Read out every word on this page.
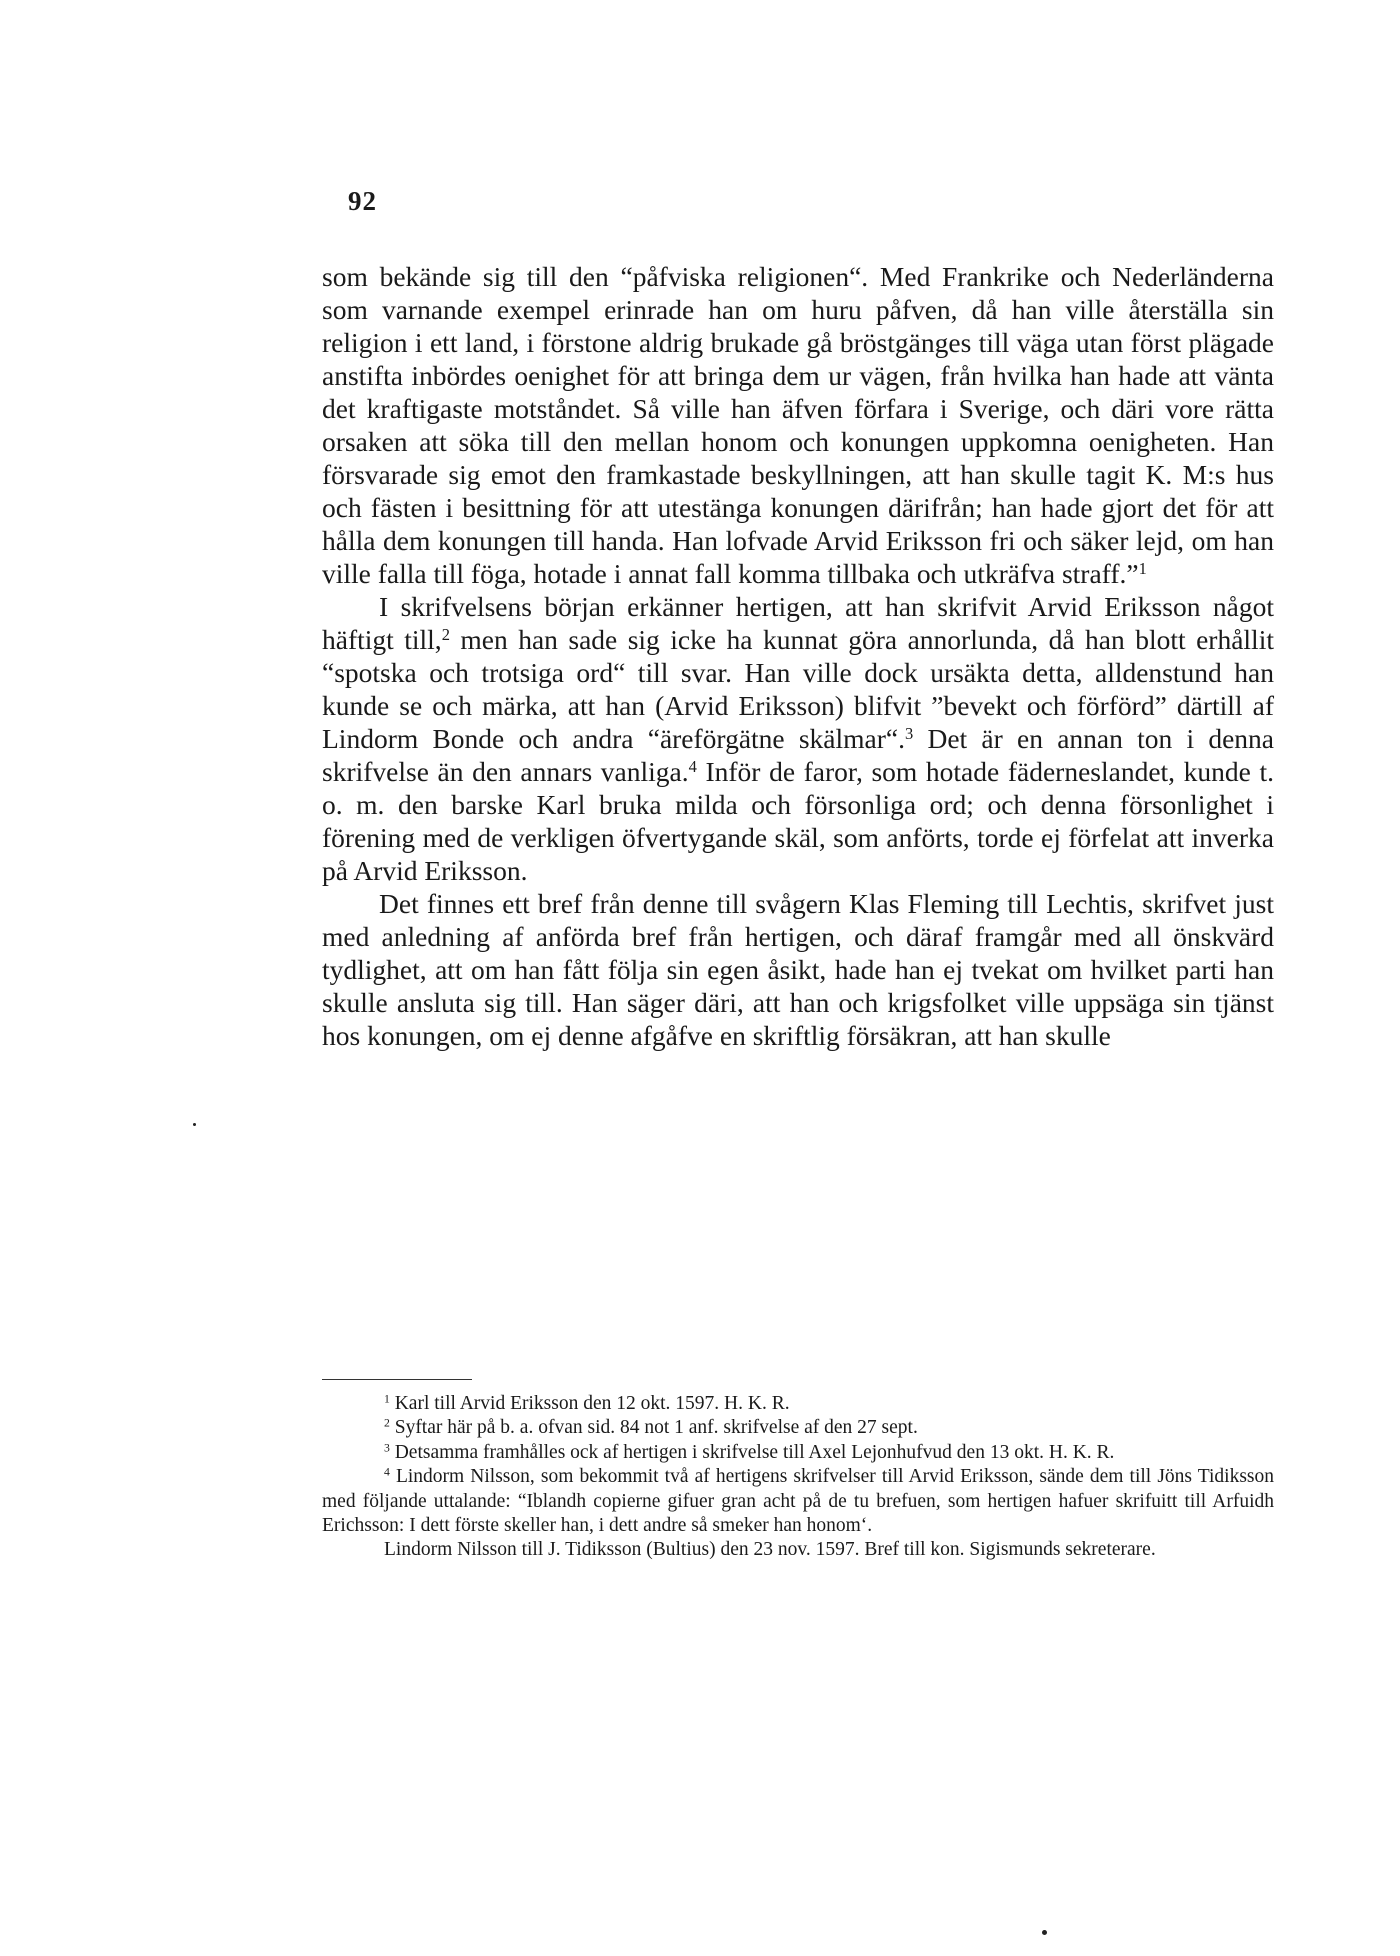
92

som bekände sig till den “påfviska religionen“. Med Frankrike och Nederländerna som varnande exempel erinrade han om huru påfven, då han ville återställa sin religion i ett land, i förstone aldrig brukade gå bröstgänges till väga utan först plägade anstifta inbördes oenighet för att bringa dem ur vägen, från hvilka han hade att vänta det kraftigaste motståndet. Så ville han äfven förfara i Sverige, och däri vore rätta orsaken att söka till den mellan honom och konungen uppkomna oenigheten. Han försvarade sig emot den framkastade beskyllningen, att han skulle tagit K. M:s hus och fästen i besittning för att utestänga konungen därifrån; han hade gjort det för att hålla dem konungen till handa. Han lofvade Arvid Eriksson fri och säker lejd, om han ville falla till föga, hotade i annat fall komma tillbaka och utkräfva straff.”$^1$

I skrifvelsens början erkänner hertigen, att han skrifvit Arvid Eriksson något häftigt till,$^2$ men han sade sig icke ha kunnat göra annorlunda, då han blott erhållit “spotska och trotsiga ord“ till svar. Han ville dock ursäkta detta, alldenstund han kunde se och märka, att han (Arvid Eriksson) blifvit ”bevekt och förförd” därtill af Lindorm Bonde och andra “äreförgätne skälmar“.$^3$ Det är en annan ton i denna skrifvelse än den annars vanliga.$^4$ Inför de faror, som hotade fäderneslandet, kunde t. o. m. den barske Karl bruka milda och försonliga ord; och denna försonlighet i förening med de verkligen öfvertygande skäl, som anförts, torde ej förfelat att inverka på Arvid Eriksson.

Det finnes ett bref från denne till svågern Klas Fleming till Lechtis, skrifvet just med anledning af anförda bref från hertigen, och däraf framgår med all önskvärd tydlighet, att om han fått följa sin egen åsikt, hade han ej tvekat om hvilket parti han skulle ansluta sig till. Han säger däri, att han och krigsfolket ville uppsäga sin tjänst hos konungen, om ej denne afgåfve en skriftlig försäkran, att han skulle

$^1$ Karl till Arvid Eriksson den 12 okt. 1597. H. K. R.

$^2$ Syftar här på b. a. ofvan sid. 84 not 1 anf. skrifvelse af den 27 sept.

$^3$ Detsamma framhålles ock af hertigen i skrifvelse till Axel Lejonhufvud den 13 okt. H. K. R.

$^4$ Lindorm Nilsson, som bekommit två af hertigens skrifvelser till Arvid Eriksson, sände dem till Jöns Tidiksson med följande uttalande: “Iblandh copierne gifuer gran acht på de tu brefuen, som hertigen hafuer skrifuitt till Arfuidh Erichsson: I dett förste skeller han, i dett andre så smeker han honom‘.

Lindorm Nilsson till J. Tidiksson (Bultius) den 23 nov. 1597. Bref till kon. Sigismunds sekreterare.
